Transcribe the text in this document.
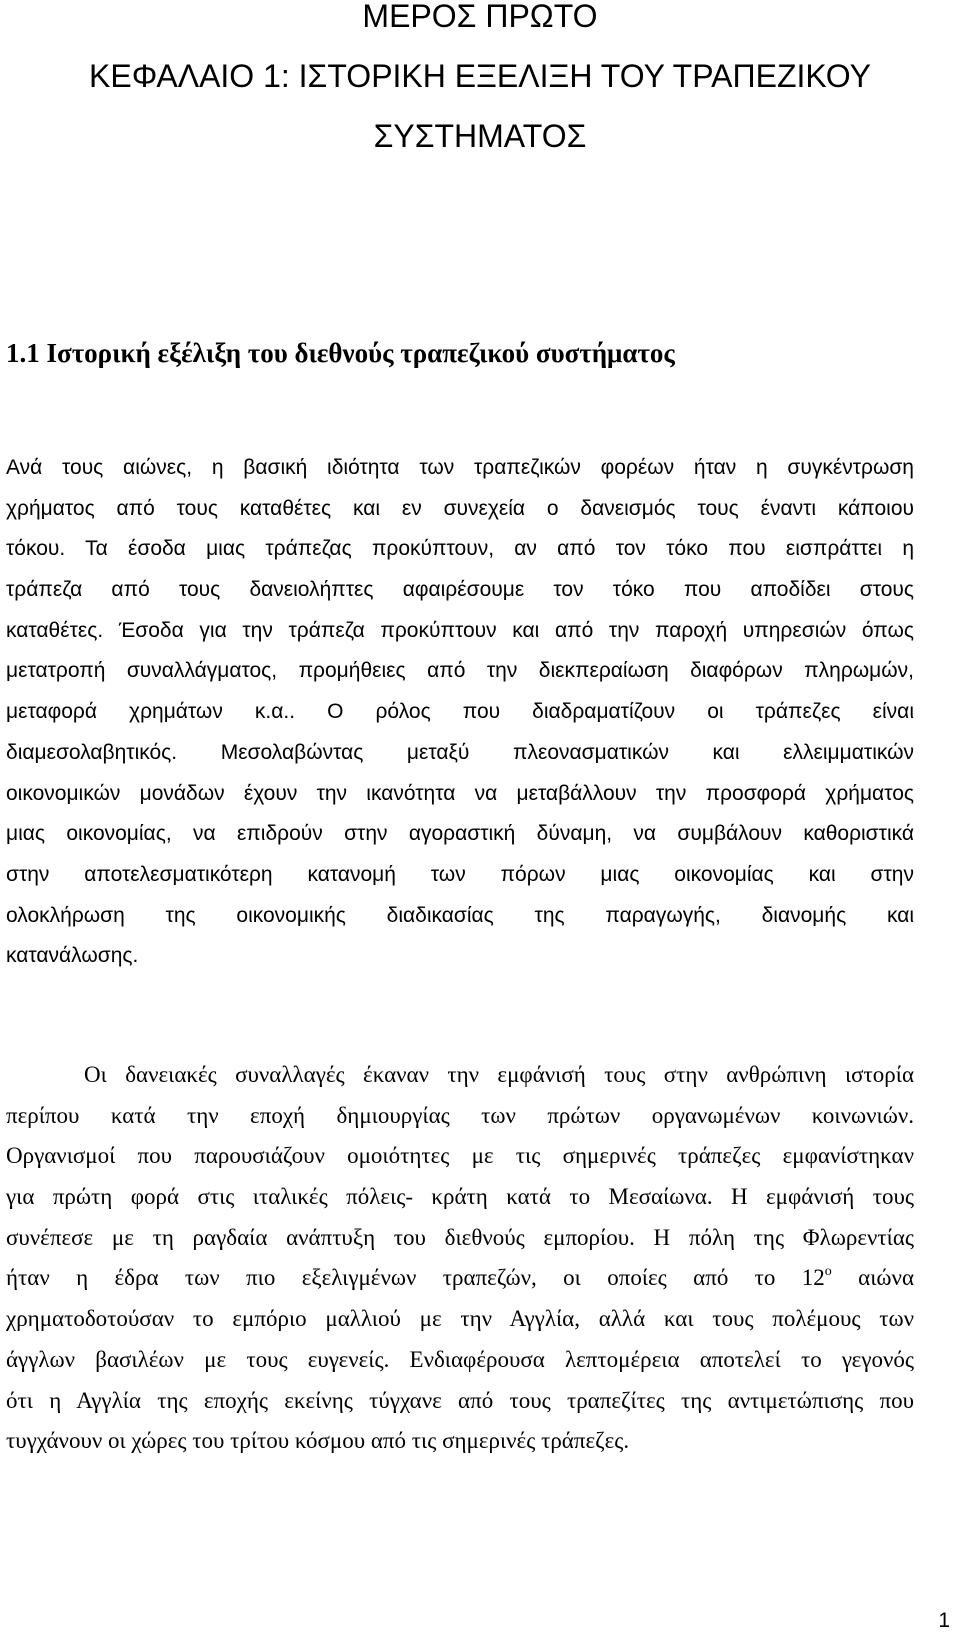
ΜΕΡΟΣ ΠΡΩΤΟ
ΚΕΦΑΛΑΙΟ 1: ΙΣΤΟΡΙΚΗ ΕΞΕΛΙΞΗ ΤΟΥ ΤΡΑΠΕΖΙΚΟΥ
ΣΥΣΤΗΜΑΤΟΣ
1.1 Ιστορική εξέλιξη του διεθνούς τραπεζικού συστήματος
Ανά τους αιώνες, η βασική ιδιότητα των τραπεζικών φορέων ήταν η συγκέντρωση
χρήματος από τους καταθέτες και εν συνεχεία ο δανεισμός τους έναντι κάποιου
τόκου. Τα έσοδα μιας τράπεζας προκύπτουν, αν από τον τόκο που εισπράττει η
τράπεζα από τους δανειολήπτες αφαιρέσουμε τον τόκο που αποδίδει στους
καταθέτες. Έσοδα για την τράπεζα προκύπτουν και από την παροχή υπηρεσιών όπως
μετατροπή συναλλάγματος, προμήθειες από την διεκπεραίωση διαφόρων πληρωμών,
μεταφορά χρημάτων κ.α.. Ο ρόλος που διαδραματίζουν οι τράπεζες είναι
διαμεσολαβητικός. Μεσολαβώντας μεταξύ πλεονασματικών και ελλειμματικών
οικονομικών μονάδων έχουν την ικανότητα να μεταβάλλουν την προσφορά χρήματος
μιας οικονομίας, να επιδρούν στην αγοραστική δύναμη, να συμβάλουν καθοριστικά
στην αποτελεσματικότερη κατανομή των πόρων μιας οικονομίας και στην
ολοκλήρωση της οικονομικής διαδικασίας της παραγωγής, διανομής και
κατανάλωσης.
Οι δανειακές συναλλαγές έκαναν την εμφάνισή τους στην ανθρώπινη ιστορία
περίπου κατά την εποχή δημιουργίας των πρώτων οργανωμένων κοινωνιών.
Οργανισμοί που παρουσιάζουν ομοιότητες με τις σημερινές τράπεζες εμφανίστηκαν
για πρώτη φορά στις ιταλικές πόλεις- κράτη κατά το Μεσαίωνα. Η εμφάνισή τους
συνέπεσε με τη ραγδαία ανάπτυξη του διεθνούς εμπορίου. Η πόλη της Φλωρεντίας
ήταν η έδρα των πιο εξελιγμένων τραπεζών, οι οποίες από το $12^o$ αιώνα
χρηματοδοτούσαν το εμπόριο μαλλιού με την Αγγλία, αλλά και τους πολέμους των
άγγλων βασιλέων με τους ευγενείς. Ενδιαφέρουσα λεπτομέρεια αποτελεί το γεγονός
ότι η Αγγλία της εποχής εκείνης τύγχανε από τους τραπεζίτες της αντιμετώπισης που
τυγχάνουν οι χώρες του τρίτου κόσμου από τις σημερινές τράπεζες.
1
